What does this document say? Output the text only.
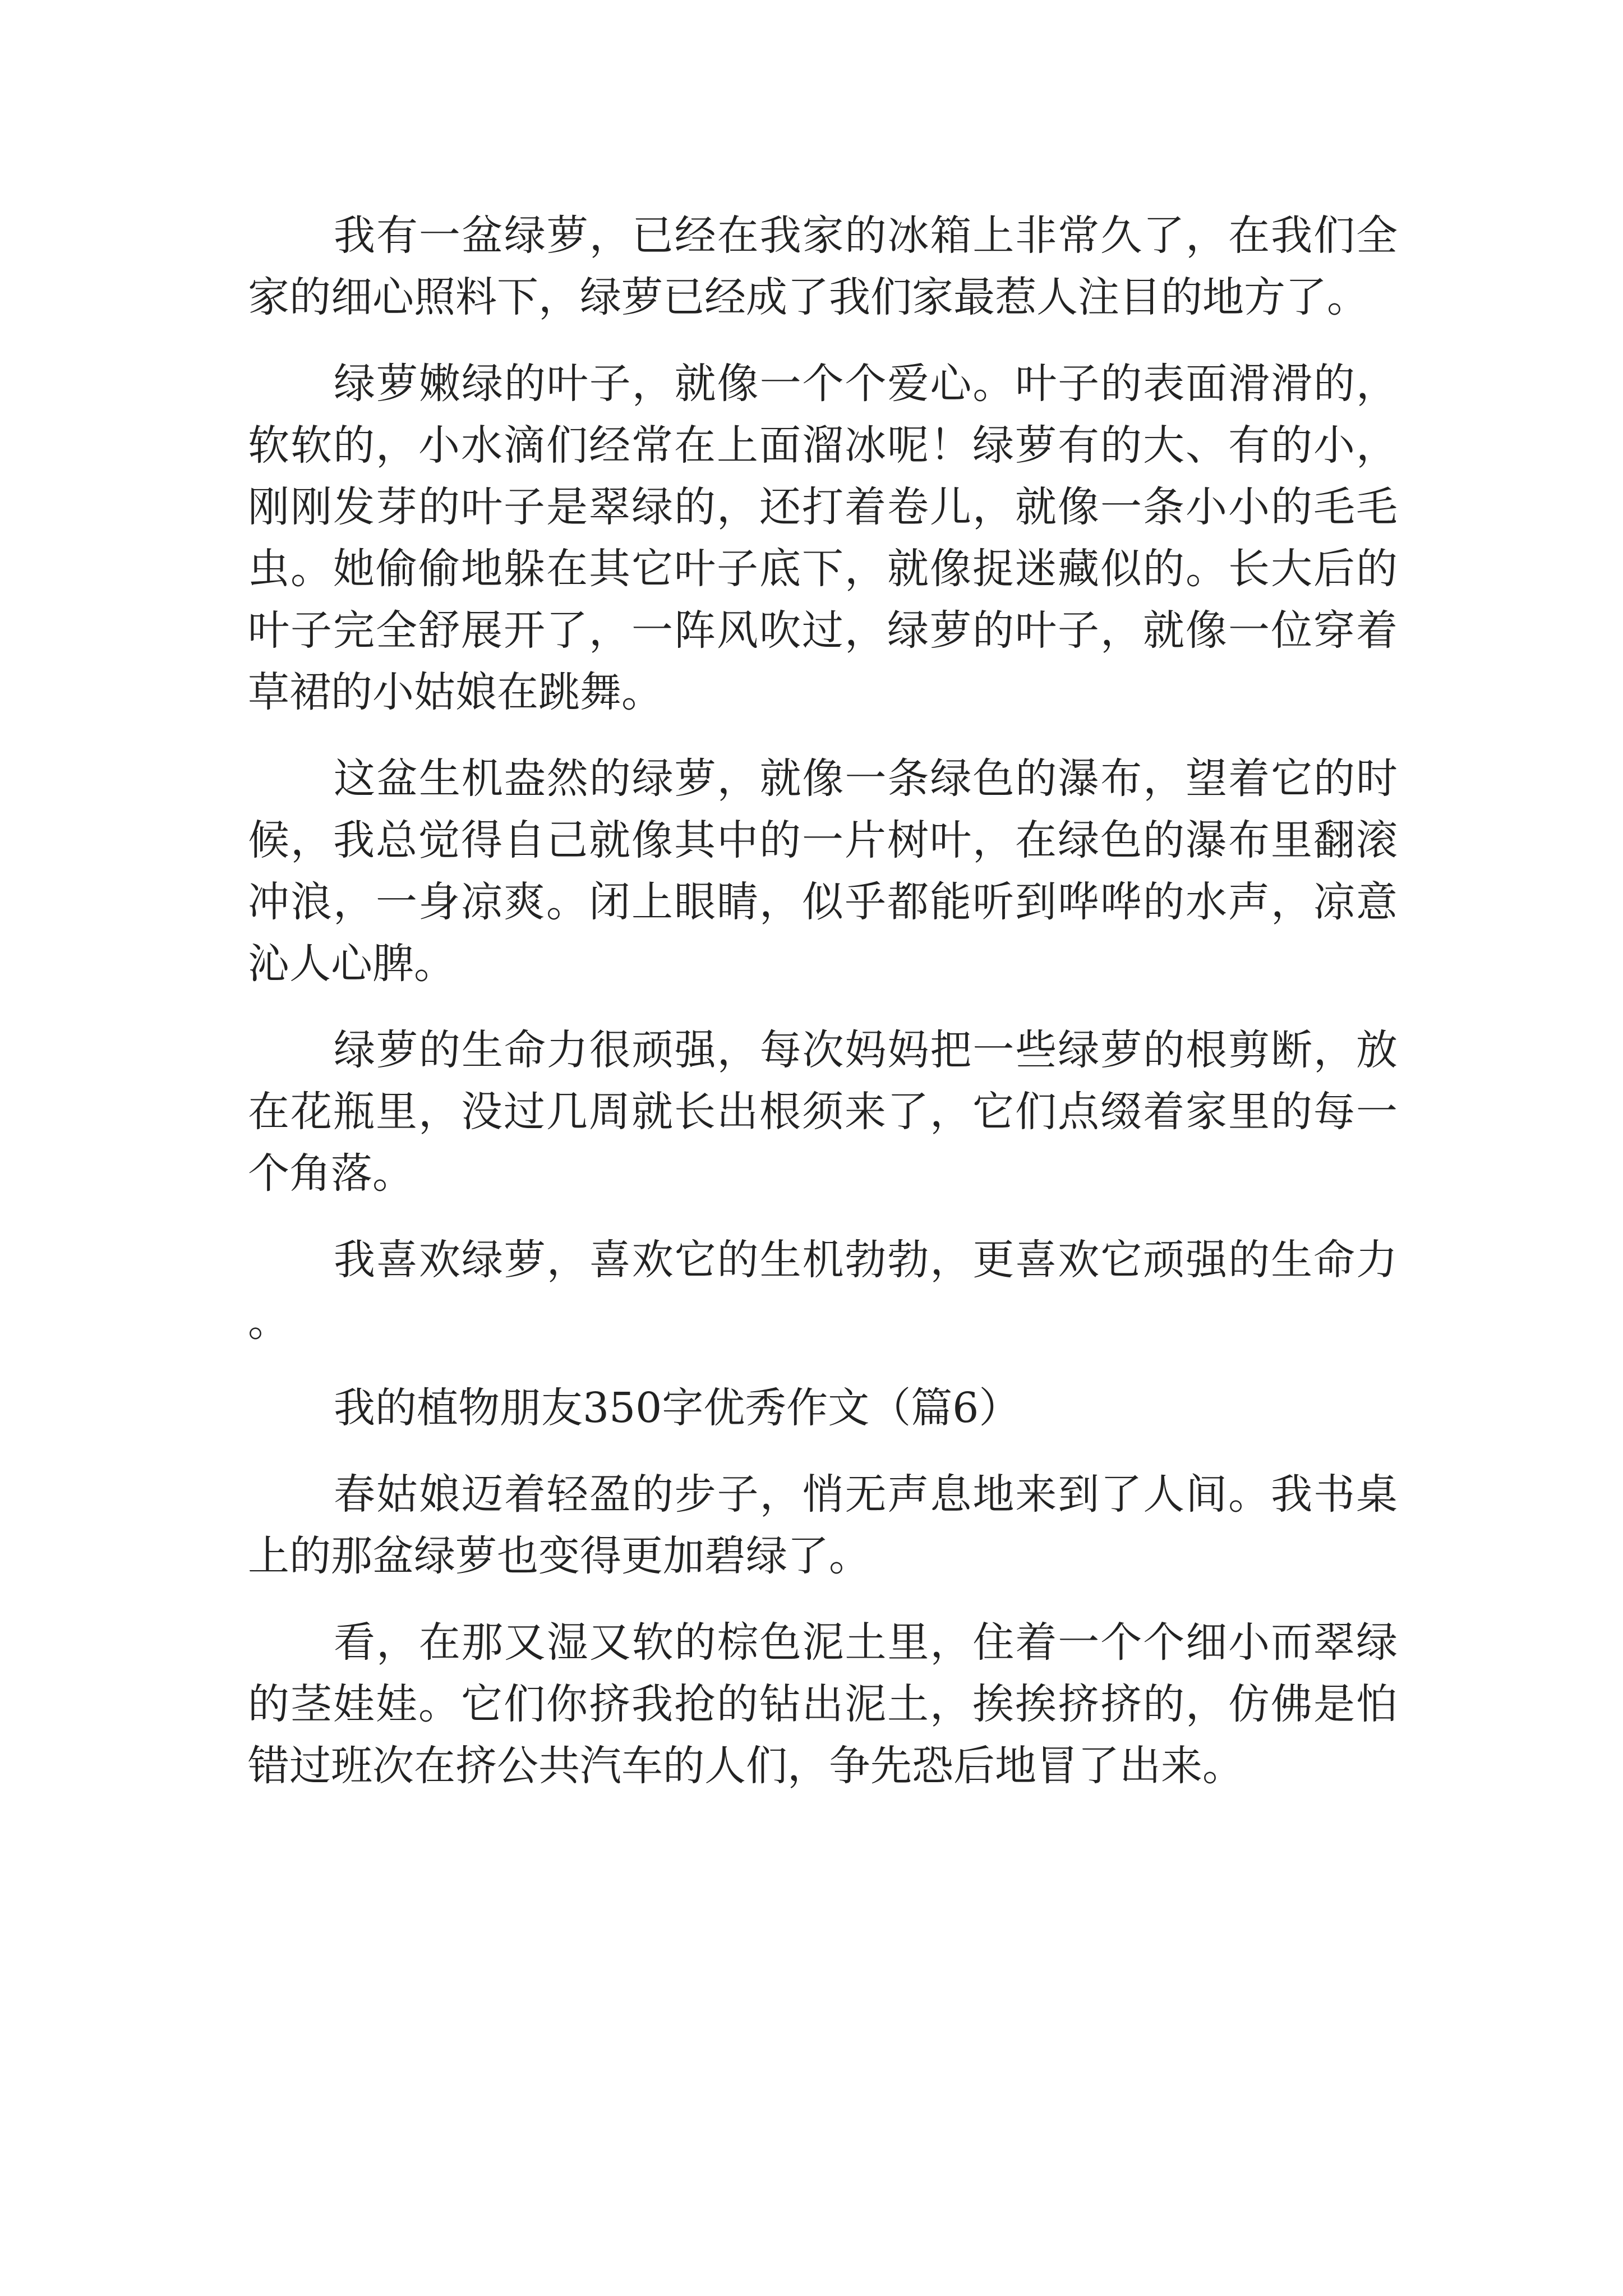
我有一盆绿萝，已经在我家的冰箱上非常久了，在我们全家的细心照料下，绿萝已经成了我们家最惹人注目的地方了。

绿萝嫩绿的叶子，就像一个个爱心。叶子的表面滑滑的，软软的，小水滴们经常在上面溜冰呢！绿萝有的大、有的小，刚刚发芽的叶子是翠绿的，还打着卷儿，就像一条小小的毛毛虫。她偷偷地躲在其它叶子底下，就像捉迷藏似的。长大后的叶子完全舒展开了，一阵风吹过，绿萝的叶子，就像一位穿着草裙的小姑娘在跳舞。

这盆生机盎然的绿萝，就像一条绿色的瀑布，望着它的时候，我总觉得自己就像其中的一片树叶，在绿色的瀑布里翻滚冲浪，一身凉爽。闭上眼睛，似乎都能听到哗哗的水声，凉意沁人心脾。

绿萝的生命力很顽强，每次妈妈把一些绿萝的根剪断，放在花瓶里，没过几周就长出根须来了，它们点缀着家里的每一个角落。

我喜欢绿萝，喜欢它的生机勃勃，更喜欢它顽强的生命力。

我的植物朋友350字优秀作文（篇6）

春姑娘迈着轻盈的步子，悄无声息地来到了人间。我书桌上的那盆绿萝也变得更加碧绿了。

看，在那又湿又软的棕色泥土里，住着一个个细小而翠绿的茎娃娃。它们你挤我抢的钻出泥土，挨挨挤挤的，仿佛是怕错过班次在挤公共汽车的人们，争先恐后地冒了出来。
